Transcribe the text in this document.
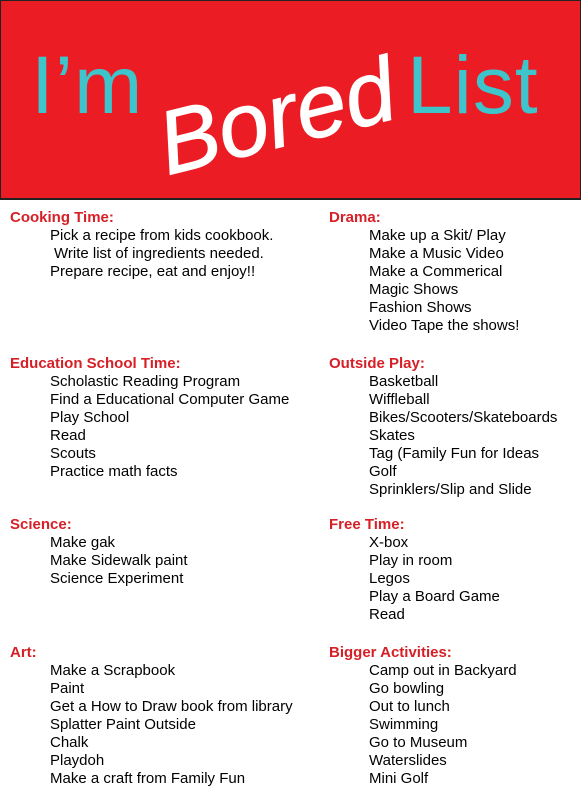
I’m Bored List
Cooking Time:
Pick a recipe from kids cookbook.
Write list of ingredients needed.
Prepare recipe, eat and enjoy!!
Education School Time:
Scholastic Reading Program
Find a Educational Computer Game
Play School
Read
Scouts
Practice math facts
Science:
Make gak
Make Sidewalk paint
Science Experiment
Art:
Make a Scrapbook
Paint
Get a How to Draw book from library
Splatter Paint Outside
Chalk
Playdoh
Make a craft from Family Fun
Drama:
Make up a Skit/ Play
Make a Music Video
Make a Commerical
Magic Shows
Fashion Shows
Video Tape the shows!
Outside Play:
Basketball
Wiffleball
Bikes/Scooters/Skateboards
Skates
Tag (Family Fun for Ideas
Golf
Sprinklers/Slip and Slide
Free Time:
X-box
Play in room
Legos
Play a Board Game
Read
Bigger Activities:
Camp out in Backyard
Go bowling
Out to lunch
Swimming
Go to Museum
Waterslides
Mini Golf
